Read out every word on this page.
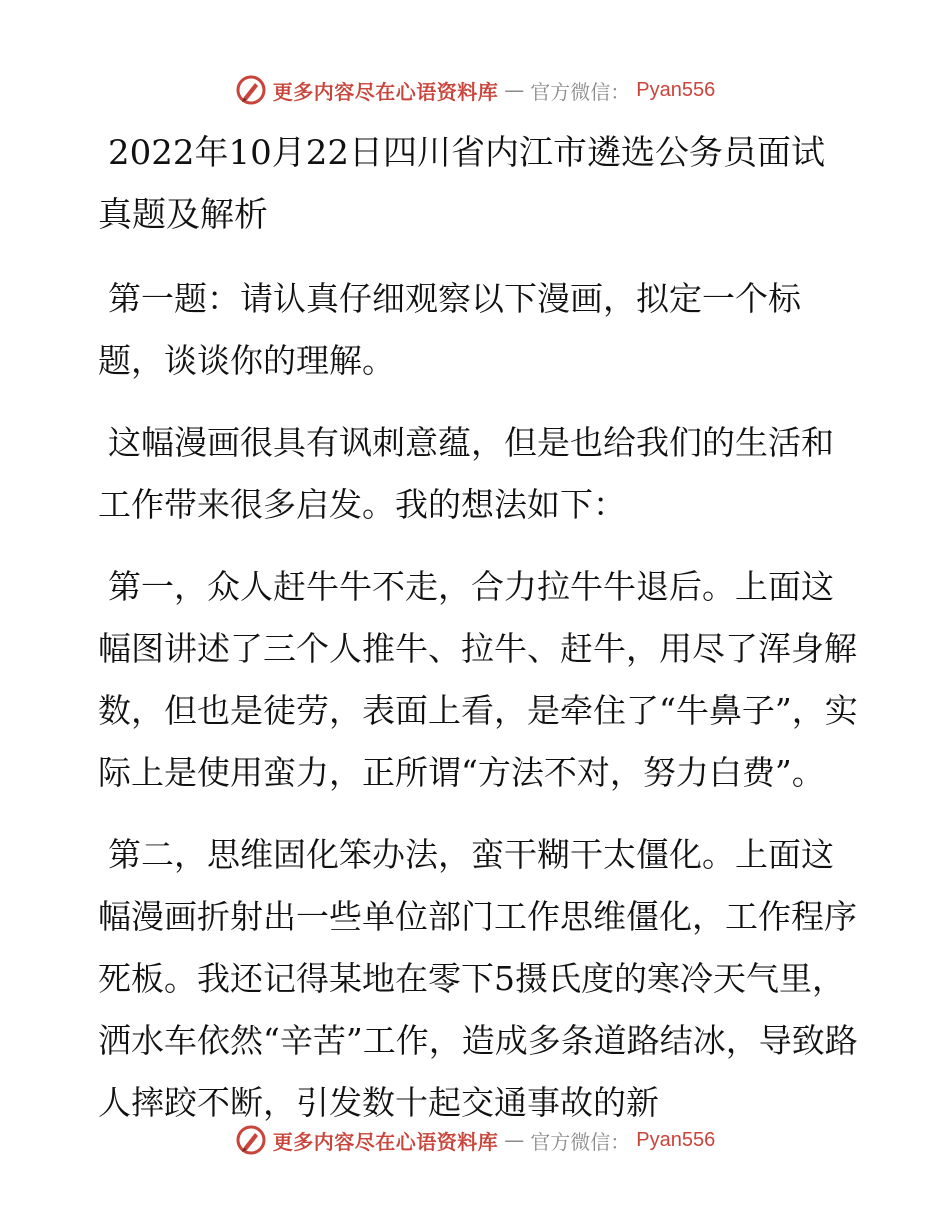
更多内容尽在心语资料库 — 官方微信： Pyan556
2022年10月22日四川省内江市遴选公务员面试真题及解析

第一题：请认真仔细观察以下漫画，拟定一个标题，谈谈你的理解。

这幅漫画很具有讽刺意蕴，但是也给我们的生活和工作带来很多启发。我的想法如下：

第一，众人赶牛牛不走，合力拉牛牛退后。上面这幅图讲述了三个人推牛、拉牛、赶牛，用尽了浑身解数，但也是徒劳，表面上看，是牵住了“牛鼻子”，实际上是使用蛮力，正所谓“方法不对，努力白费”。

第二，思维固化笨办法，蛮干糊干太僵化。上面这幅漫画折射出一些单位部门工作思维僵化，工作程序死板。我还记得某地在零下5摄氏度的寒冷天气里，洒水车依然“辛苦”工作，造成多条道路结冰，导致路人摔跤不断，引发数十起交通事故的新

更多内容尽在心语资料库 — 官方微信： Pyan556
